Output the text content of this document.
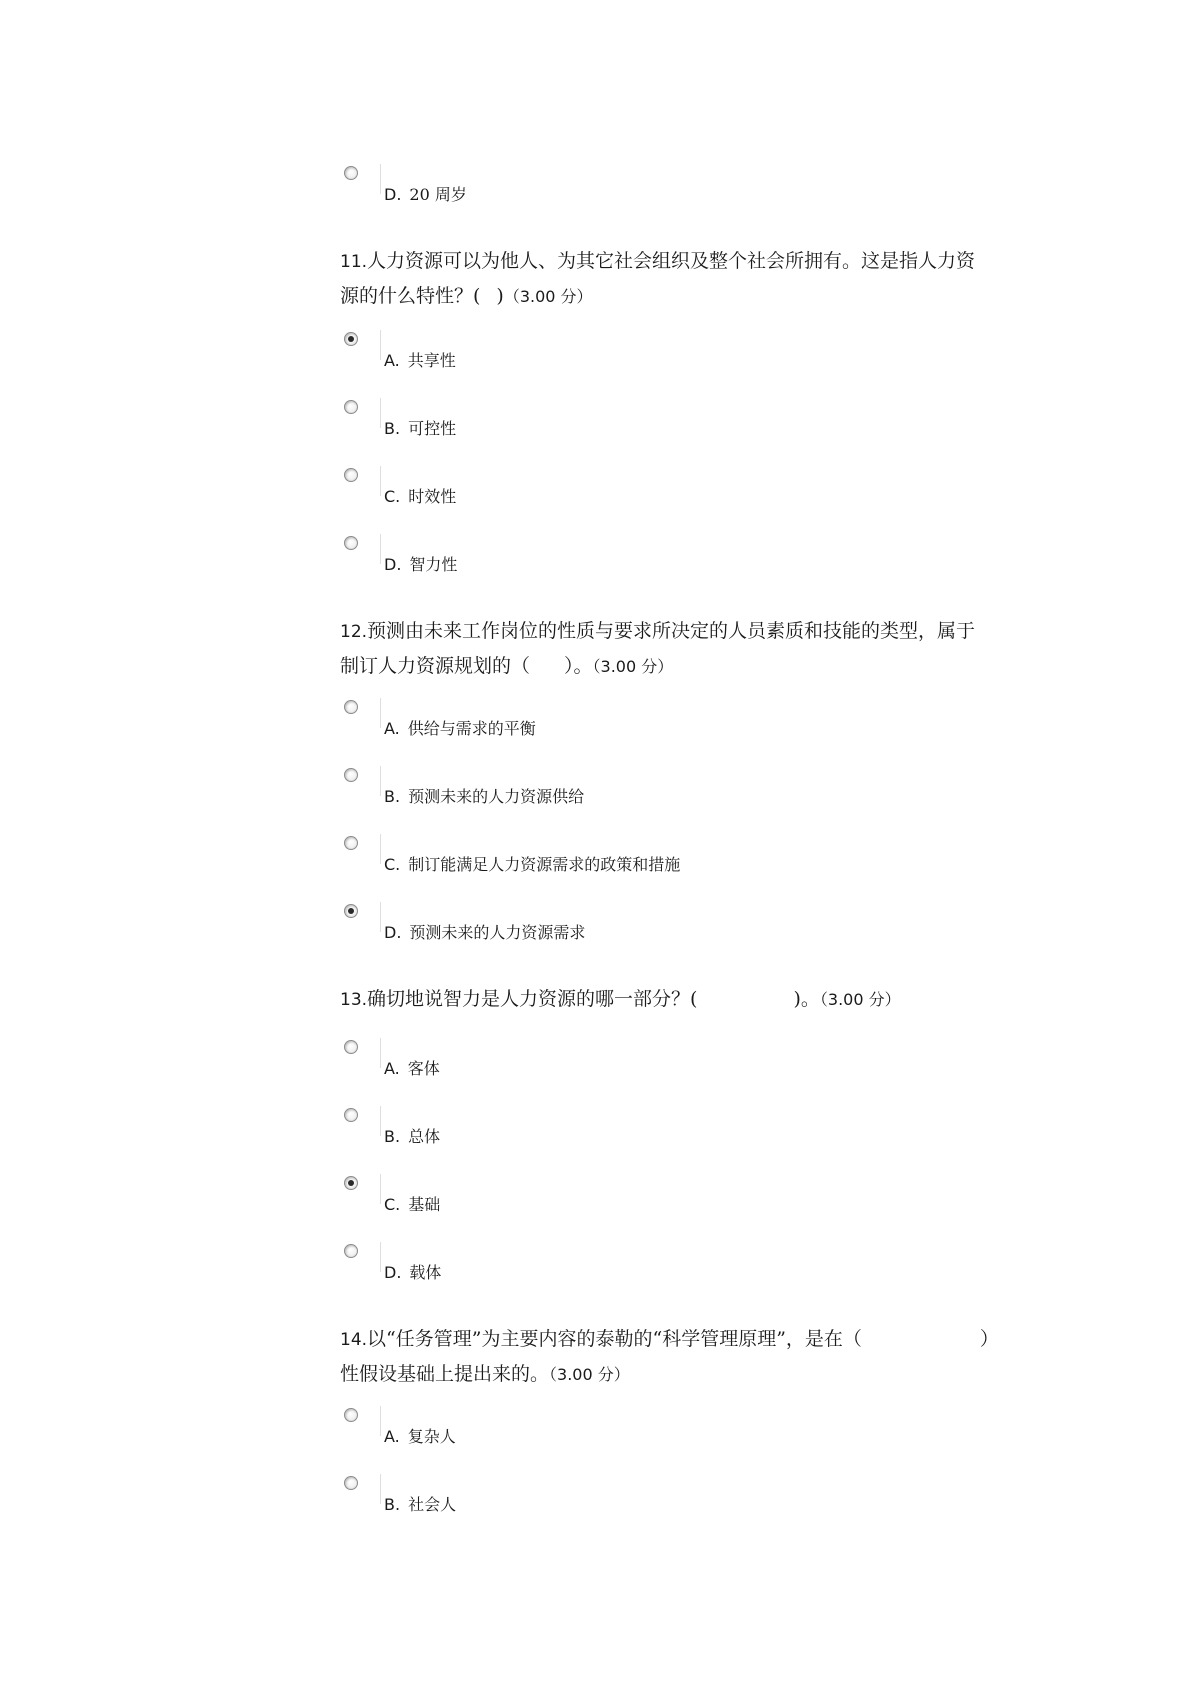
D. 20 周岁
11.人力资源可以为他人、为其它社会组织及整个社会所拥有。这是指人力资
源的什么特性？( )（3.00 分）
A. 共享性
B. 可控性
C. 时效性
D. 智力性
12.预测由未来工作岗位的性质与要求所决定的人员素质和技能的类型，属于
制订人力资源规划的（ ）。（3.00 分）
A. 供给与需求的平衡
B. 预测未来的人力资源供给
C. 制订能满足人力资源需求的政策和措施
D. 预测未来的人力资源需求
13.确切地说智力是人力资源的哪一部分？(	)。（3.00 分）
A. 客体
B. 总体
C. 基础
D. 载体
14.以“任务管理”为主要内容的泰勒的“科学管理原理”，是在（	）
性假设基础上提出来的。（3.00 分）
A. 复杂人
B. 社会人
